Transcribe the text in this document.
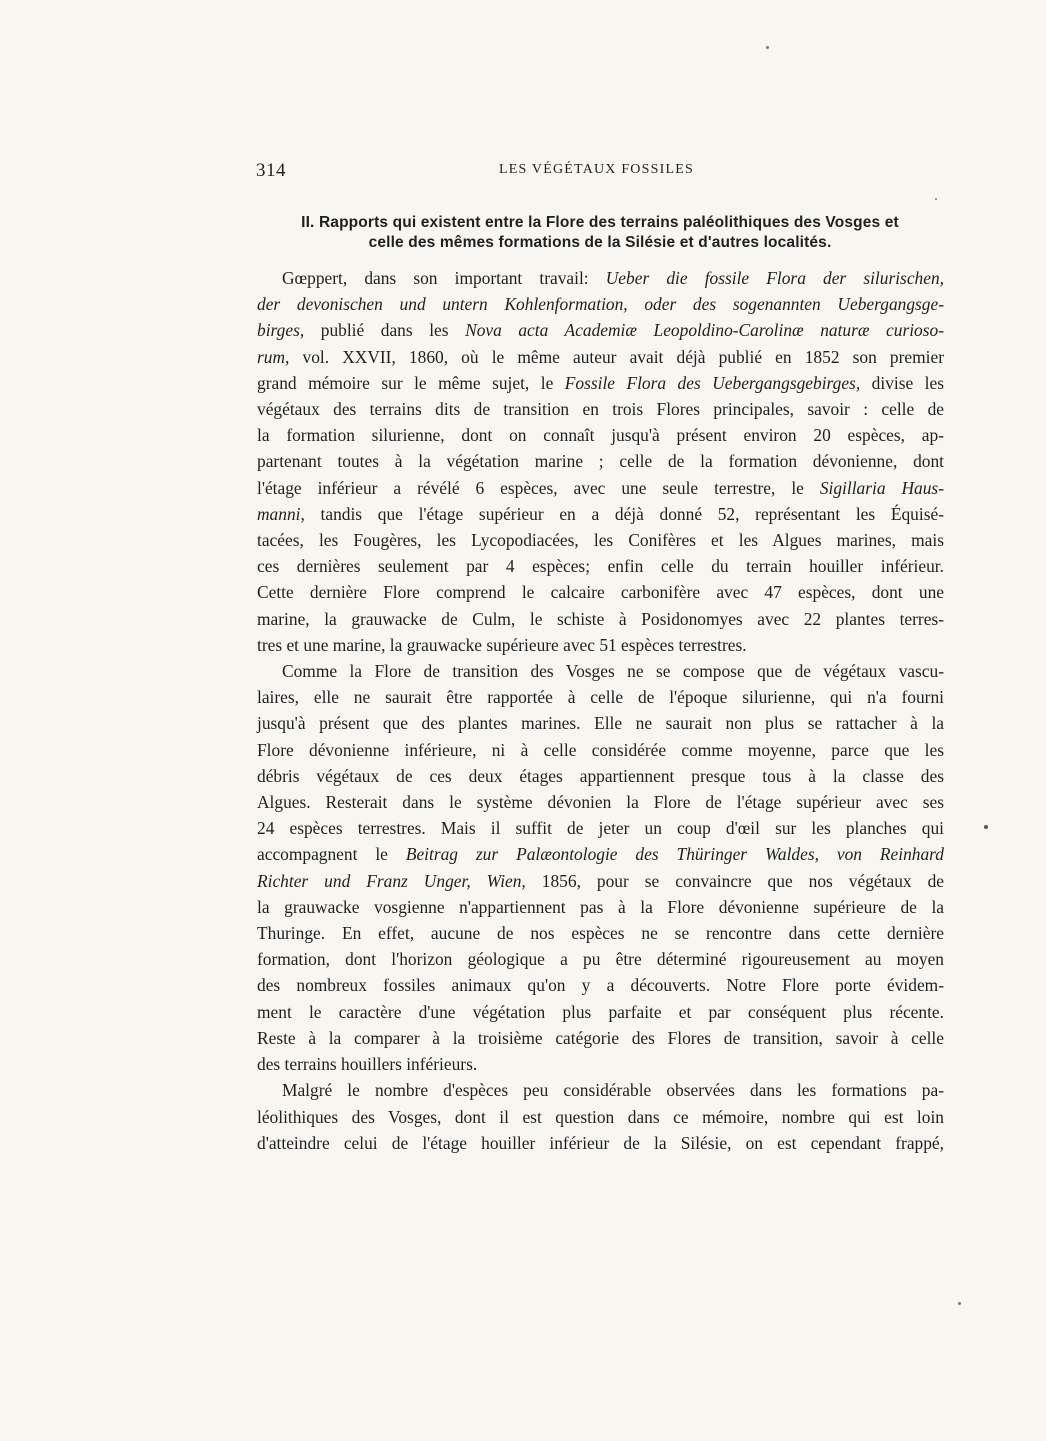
314	LES VÉGÉTAUX FOSSILES
II. Rapports qui existent entre la Flore des terrains paléolithiques des Vosges et
celle des mêmes formations de la Silésie et d'autres localités.

Gœppert, dans son important travail: Ueber die fossile Flora der silurischen,
der devonischen und untern Kohlenformation, oder des sogenannten Uebergangsge-
birges, publié dans les Nova acta Academiæ Leopoldino-Carolinæ naturæ curioso-
rum, vol. XXVII, 1860, où le même auteur avait déjà publié en 1852 son premier
grand mémoire sur le même sujet, le Fossile Flora des Uebergangsgebirges, divise les
végétaux des terrains dits de transition en trois Flores principales, savoir : celle de
la formation silurienne, dont on connaît jusqu'à présent environ 20 espèces, ap-
partenant toutes à la végétation marine ; celle de la formation dévonienne, dont
l'étage inférieur a révélé 6 espèces, avec une seule terrestre, le Sigillaria Haus-
manni, tandis que l'étage supérieur en a déjà donné 52, représentant les Équisé-
tacées, les Fougères, les Lycopodiacées, les Conifères et les Algues marines, mais
ces dernières seulement par 4 espèces; enfin celle du terrain houiller inférieur.
Cette dernière Flore comprend le calcaire carbonifère avec 47 espèces, dont une
marine, la grauwacke de Culm, le schiste à Posidonomyes avec 22 plantes terres-
tres et une marine, la grauwacke supérieure avec 51 espèces terrestres.

Comme la Flore de transition des Vosges ne se compose que de végétaux vascu-
laires, elle ne saurait être rapportée à celle de l'époque silurienne, qui n'a fourni
jusqu'à présent que des plantes marines. Elle ne saurait non plus se rattacher à la
Flore dévonienne inférieure, ni à celle considérée comme moyenne, parce que les
débris végétaux de ces deux étages appartiennent presque tous à la classe des
Algues. Resterait dans le système dévonien la Flore de l'étage supérieur avec ses
24 espèces terrestres. Mais il suffit de jeter un coup d'œil sur les planches qui
accompagnent le Beitrag zur Palæontologie des Thüringer Waldes, von Reinhard
Richter und Franz Unger, Wien, 1856, pour se convaincre que nos végétaux de
la grauwacke vosgienne n'appartiennent pas à la Flore dévonienne supérieure de la
Thuringe. En effet, aucune de nos espèces ne se rencontre dans cette dernière
formation, dont l'horizon géologique a pu être déterminé rigoureusement au moyen
des nombreux fossiles animaux qu'on y a découverts. Notre Flore porte évidem-
ment le caractère d'une végétation plus parfaite et par conséquent plus récente.
Reste à la comparer à la troisième catégorie des Flores de transition, savoir à celle
des terrains houillers inférieurs.

Malgré le nombre d'espèces peu considérable observées dans les formations pa-
léolithiques des Vosges, dont il est question dans ce mémoire, nombre qui est loin
d'atteindre celui de l'étage houiller inférieur de la Silésie, on est cependant frappé,
